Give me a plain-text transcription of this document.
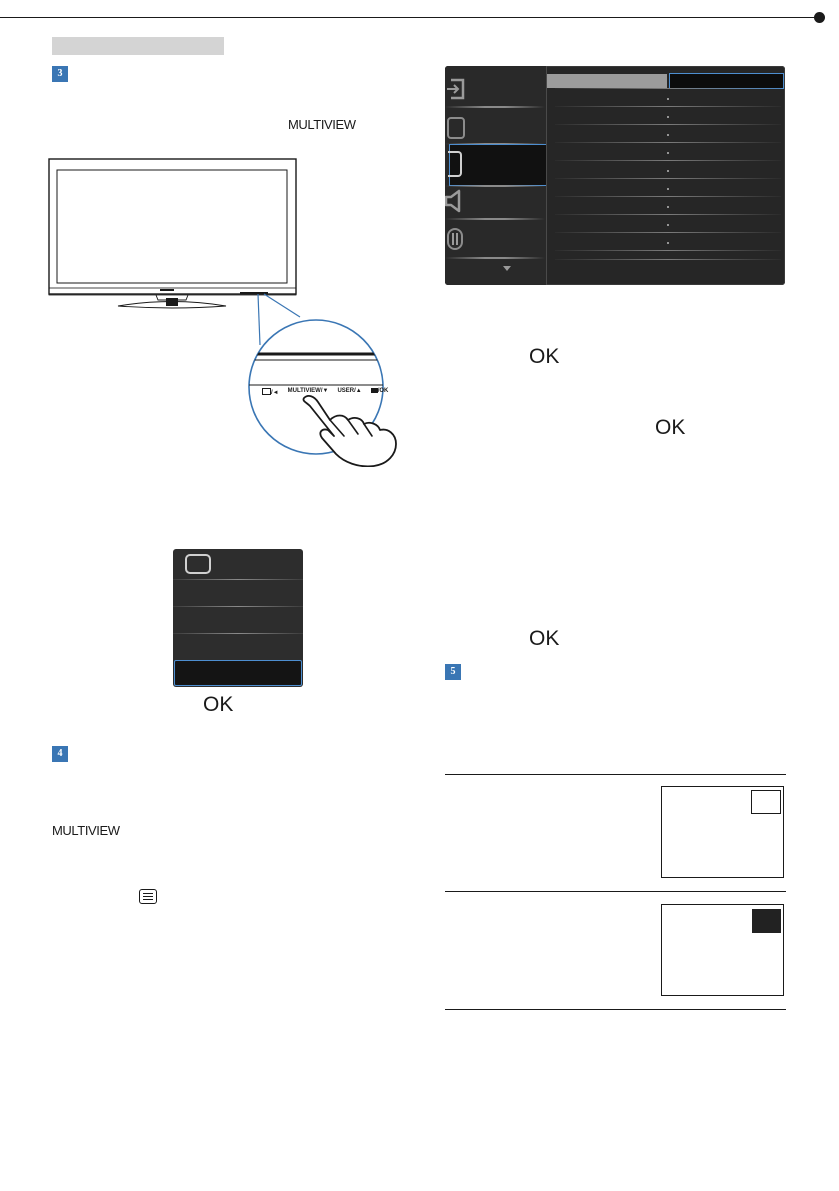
3
MULTIVIEW
/◄ MULTIVIEW/▼ USER/▲	/OK
OK
4
MULTIVIEW
OK
OK
OK
5
